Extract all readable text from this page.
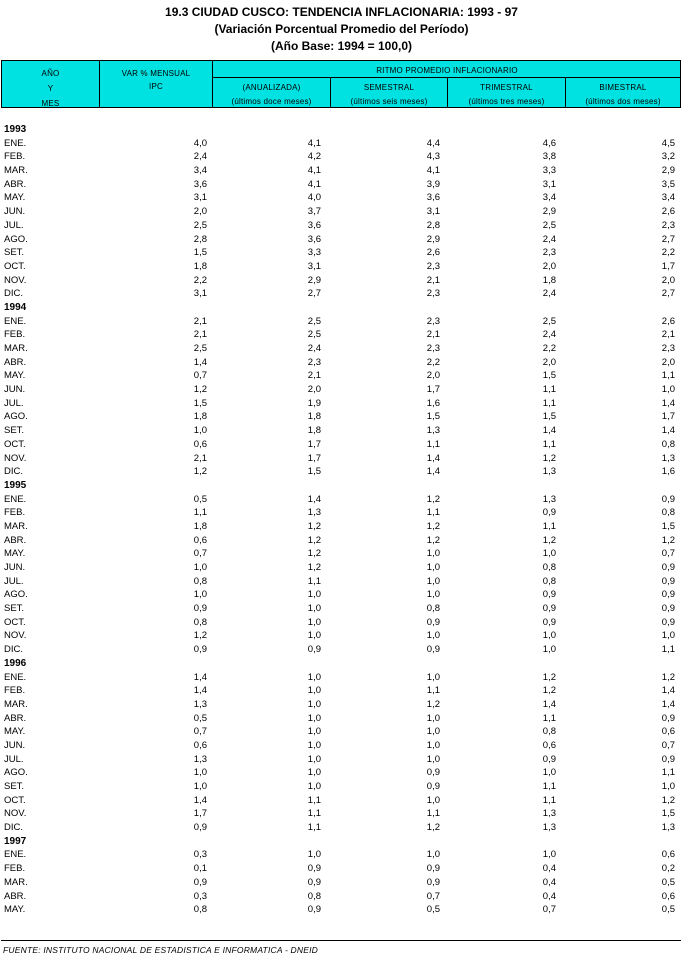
19.3 CIUDAD CUSCO: TENDENCIA INFLACIONARIA: 1993 - 97
(Variación Porcentual Promedio del Período)
(Año Base: 1994 = 100,0)
AÑO
Y
MES
VAR % MENSUAL
IPC
RITMO PROMEDIO INFLACIONARIO
(ANUALIZADA)
(últimos doce meses)
SEMESTRAL
(últimos seis meses)
TRIMESTRAL
(últimos tres meses)
BIMESTRAL
(últimos dos meses)
1993
ENE.	4,0	4,1	4,4	4,6	4,5
FEB.	2,4	4,2	4,3	3,8	3,2
MAR.	3,4	4,1	4,1	3,3	2,9
ABR.	3,6	4,1	3,9	3,1	3,5
MAY.	3,1	4,0	3,6	3,4	3,4
JUN.	2,0	3,7	3,1	2,9	2,6
JUL.	2,5	3,6	2,8	2,5	2,3
AGO.	2,8	3,6	2,9	2,4	2,7
SET.	1,5	3,3	2,6	2,3	2,2
OCT.	1,8	3,1	2,3	2,0	1,7
NOV.	2,2	2,9	2,1	1,8	2,0
DIC.	3,1	2,7	2,3	2,4	2,7
1994
ENE.	2,1	2,5	2,3	2,5	2,6
FEB.	2,1	2,5	2,1	2,4	2,1
MAR.	2,5	2,4	2,3	2,2	2,3
ABR.	1,4	2,3	2,2	2,0	2,0
MAY.	0,7	2,1	2,0	1,5	1,1
JUN.	1,2	2,0	1,7	1,1	1,0
JUL.	1,5	1,9	1,6	1,1	1,4
AGO.	1,8	1,8	1,5	1,5	1,7
SET.	1,0	1,8	1,3	1,4	1,4
OCT.	0,6	1,7	1,1	1,1	0,8
NOV.	2,1	1,7	1,4	1,2	1,3
DIC.	1,2	1,5	1,4	1,3	1,6
1995
ENE.	0,5	1,4	1,2	1,3	0,9
FEB.	1,1	1,3	1,1	0,9	0,8
MAR.	1,8	1,2	1,2	1,1	1,5
ABR.	0,6	1,2	1,2	1,2	1,2
MAY.	0,7	1,2	1,0	1,0	0,7
JUN.	1,0	1,2	1,0	0,8	0,9
JUL.	0,8	1,1	1,0	0,8	0,9
AGO.	1,0	1,0	1,0	0,9	0,9
SET.	0,9	1,0	0,8	0,9	0,9
OCT.	0,8	1,0	0,9	0,9	0,9
NOV.	1,2	1,0	1,0	1,0	1,0
DIC.	0,9	0,9	0,9	1,0	1,1
1996
ENE.	1,4	1,0	1,0	1,2	1,2
FEB.	1,4	1,0	1,1	1,2	1,4
MAR.	1,3	1,0	1,2	1,4	1,4
ABR.	0,5	1,0	1,0	1,1	0,9
MAY.	0,7	1,0	1,0	0,8	0,6
JUN.	0,6	1,0	1,0	0,6	0,7
JUL.	1,3	1,0	1,0	0,9	0,9
AGO.	1,0	1,0	0,9	1,0	1,1
SET.	1,0	1,0	0,9	1,1	1,0
OCT.	1,4	1,1	1,0	1,1	1,2
NOV.	1,7	1,1	1,1	1,3	1,5
DIC.	0,9	1,1	1,2	1,3	1,3
1997
ENE.	0,3	1,0	1,0	1,0	0,6
FEB.	0,1	0,9	0,9	0,4	0,2
MAR.	0,9	0,9	0,9	0,4	0,5
ABR.	0,3	0,8	0,7	0,4	0,6
MAY.	0,8	0,9	0,5	0,7	0,5
FUENTE: INSTITUTO NACIONAL DE ESTADISTICA E INFORMATICA - DNEID
